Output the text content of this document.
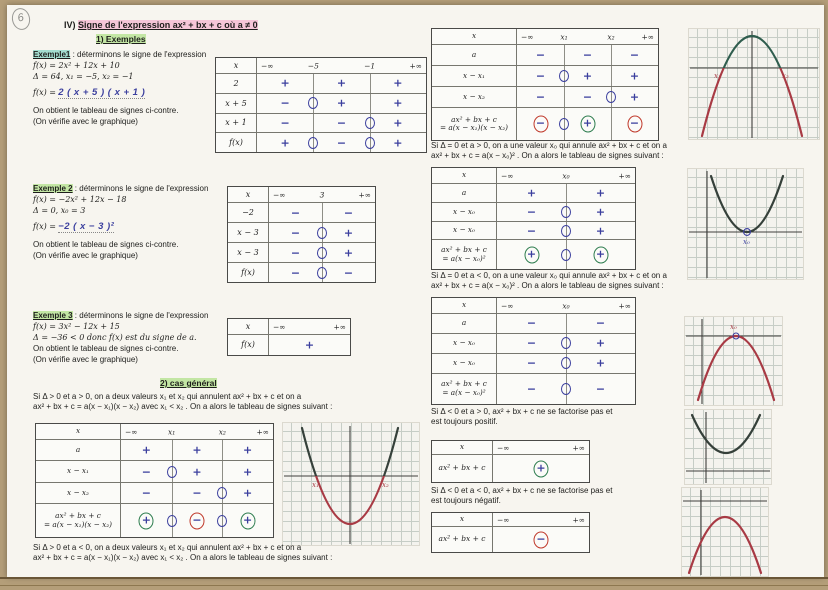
6
IV) Signe de l'expression ax² + bx + c où a ≠ 0
1) Exemples
Exemple1 : déterminons le signe de l'expression
f(x) = 2x² + 12x + 10
Δ = 64, x₁ = −5, x₂ = −1
f(x) = 2 ( x + 5 ) ( x + 1 )
On obtient le tableau de signes ci-contre.
(On vérifie avec le graphique)
x	−∞	−5	−1	+∞
2	+	+	+
x + 5	−	+	+
x + 1	−	−	+
f(x)	+	−	+
Exemple 2 : déterminons le signe de l'expression
f(x) = −2x² + 12x − 18
Δ = 0, x₀ = 3
f(x) = −2 ( x − 3 )²
On obtient le tableau de signes ci-contre.
(On vérifie avec le graphique)
x	−∞	3	+∞
−2	−	−
x − 3	−	+
x − 3	−	+
f(x)	−	−
Exemple 3 : déterminons le signe de l'expression
f(x) = 3x² − 12x + 15
Δ = −36 < 0 donc f(x) est du signe de a.
On obtient le tableau de signes ci-contre.
(On vérifie avec le graphique)
x	−∞	+∞
f(x)	+
2) cas général
Si Δ > 0 et a > 0, on a deux valeurs x₁ et x₂ qui annulent ax² + bx + c et on a
ax² + bx + c = a(x − x₁)(x − x₂) avec x₁ < x₂ . On a alors le tableau de signes suivant :
x	−∞	x₁	x₂	+∞
a	+	+	+
x − x₁	−	+	+
x − x₂	−	−	+
ax² + bx + c
= a(x − x₁)(x − x₂)	+	−	+
x₁	x₂
Si Δ > 0 et a < 0, on a deux valeurs x₁ et x₂ qui annulent ax² + bx + c et on a
ax² + bx + c = a(x − x₁)(x − x₂) avec x₁ < x₂ . On a alors le tableau de signes suivant :
x	−∞	x₁	x₂	+∞
a	−	−	−
x − x₁	−	+	+
x − x₂	−	−	+
ax² + bx + c
= a(x − x₁)(x − x₂)	−	+	−
Si Δ = 0 et a > 0, on a une valeur x₀ qui annule ax² + bx + c et on a
ax² + bx + c = a(x − x₀)² . On a alors le tableau de signes suivant :
x	−∞	x₀	+∞
a	+	+
x − x₀	−	+
x − x₀	−	+
ax² + bx + c
= a(x − x₀)²	+	+
Si Δ = 0 et a < 0, on a une valeur x₀ qui annule ax² + bx + c et on a
ax² + bx + c = a(x − x₀)² . On a alors le tableau de signes suivant :
x	−∞	x₀	+∞
a	−	−
x − x₀	−	+
x − x₀	−	+
ax² + bx + c
= a(x − x₀)²	−	−
Si Δ < 0 et a > 0, ax² + bx + c ne se factorise pas et
est toujours positif.
x	−∞	+∞
ax² + bx + c	+
Si Δ < 0 et a < 0, ax² + bx + c ne se factorise pas et
est toujours négatif.
x	−∞	+∞
ax² + bx + c	−
x₁	x₂
x₀
x₀
